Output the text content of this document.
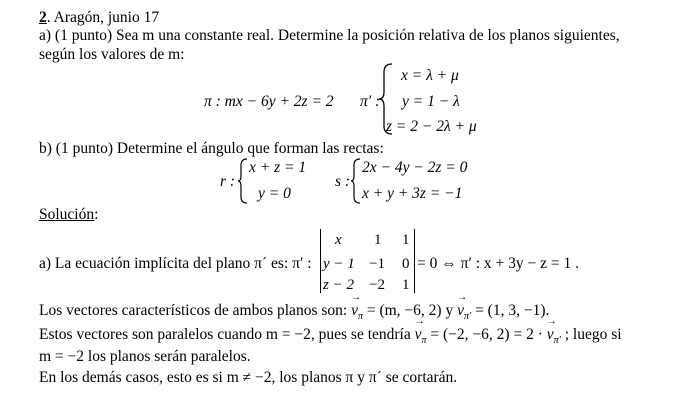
2. Aragón, junio 17
a) (1 punto) Sea m una constante real. Determine la posición relativa de los planos siguientes,
según los valores de m:
π : mx − 6y + 2z = 2 π′ :
x = λ + μ
y = 1 − λ
z = 2 − 2λ + μ
b) (1 punto) Determine el ángulo que forman las rectas:
r :
x + z = 1
y = 0
s :
2x − 4y − 2z = 0
x + y + 3z = −1
Solución:
a) La ecuación implícita del plano π´ es: π′ :
x 1 1
y − 1 −1 0
z − 2 −2 1
= 0 ⇔ π′ : x + 3y − z = 1 .
Los vectores característicos de ambos planos son:
→
$v_\pi = (m$, −6, 2) y
→
$v_{\pi'} = (1$, 3, −1).
Estos vectores son paralelos cuando m = −2, pues se tendría
→
$v_\pi = (-2$, −6, 2) = 2 ·
→
$v_{\pi'}$ ; luego si
m = −2 los planos serán paralelos.
En los demás casos, esto es si m ≠ −2, los planos π y π´ se cortarán.
